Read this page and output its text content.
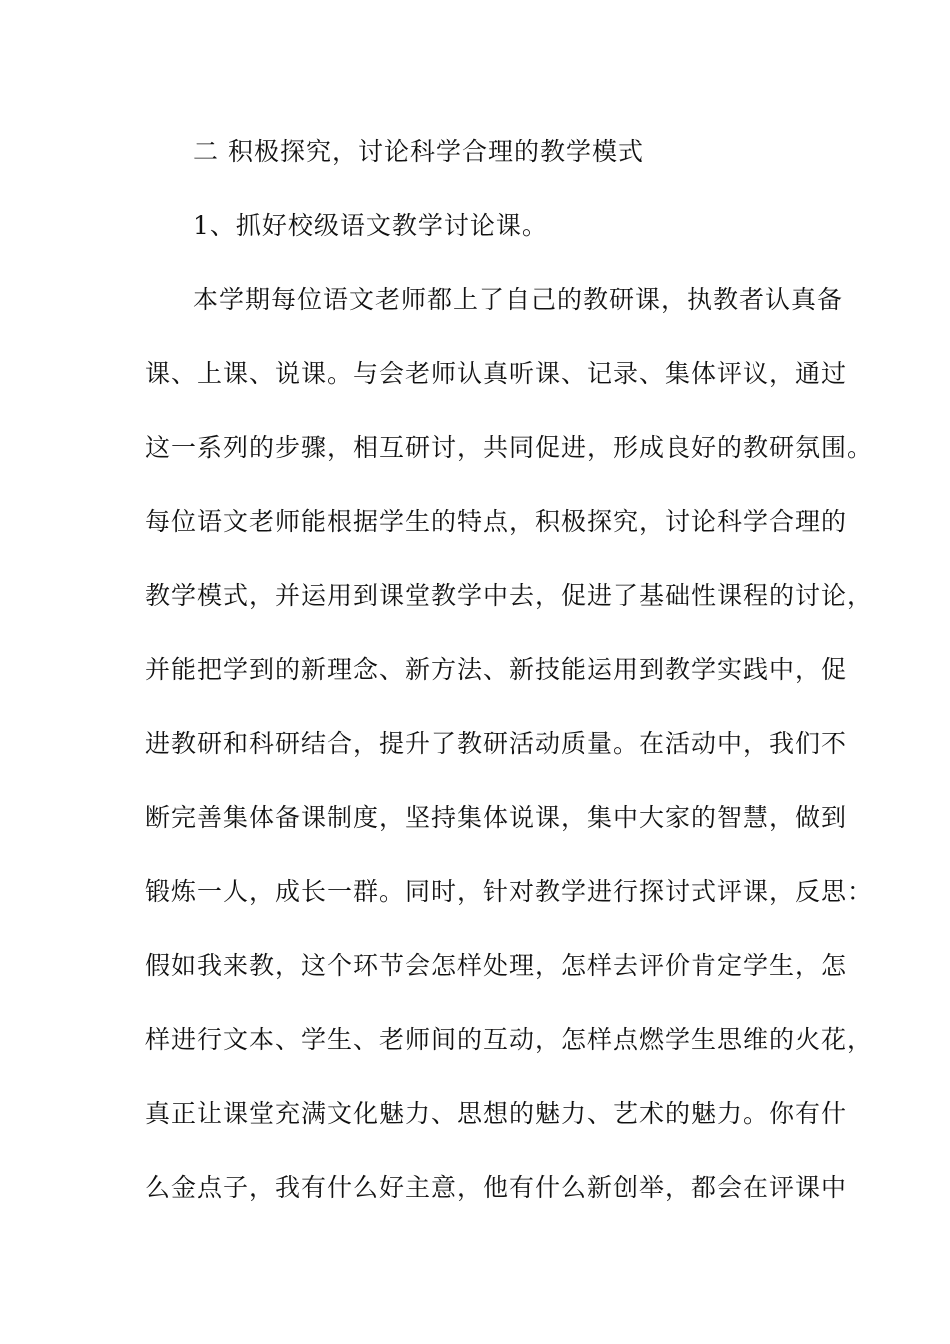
二 积极探究，讨论科学合理的教学模式
1、抓好校级语文教学讨论课。
本学期每位语文老师都上了自己的教研课，执教者认真备
课、上课、说课。与会老师认真听课、记录、集体评议，通过
这一系列的步骤，相互研讨，共同促进，形成良好的教研氛围。
每位语文老师能根据学生的特点，积极探究，讨论科学合理的
教学模式，并运用到课堂教学中去，促进了基础性课程的讨论，
并能把学到的新理念、新方法、新技能运用到教学实践中，促
进教研和科研结合，提升了教研活动质量。在活动中，我们不
断完善集体备课制度，坚持集体说课，集中大家的智慧，做到
锻炼一人，成长一群。同时，针对教学进行探讨式评课，反思：
假如我来教，这个环节会怎样处理，怎样去评价肯定学生，怎
样进行文本、学生、老师间的互动，怎样点燃学生思维的火花，
真正让课堂充满文化魅力、思想的魅力、艺术的魅力。你有什
么金点子，我有什么好主意，他有什么新创举，都会在评课中
